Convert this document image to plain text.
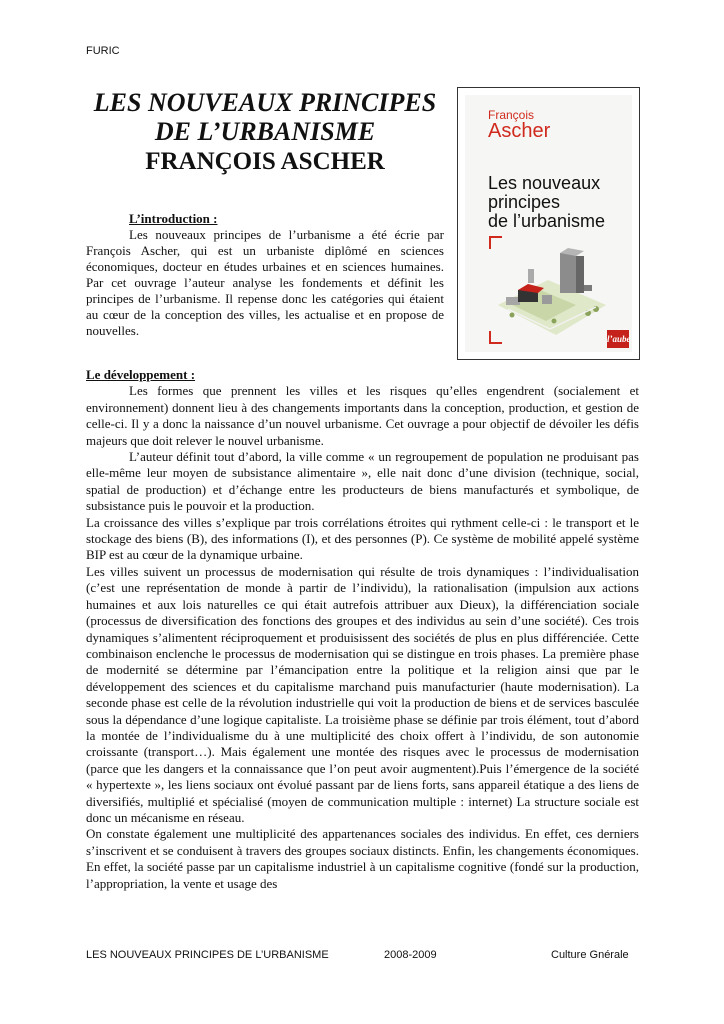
FURIC
LES NOUVEAUX PRINCIPES
DE L’URBANISME
FRANÇOIS ASCHER
L’introduction :

Les nouveaux principes de l’urbanisme a été écrie par François Ascher, qui est un urbaniste diplômé en sciences économiques, docteur en études urbaines et en sciences humaines. Par cet ouvrage l’auteur analyse les fondements et définit les principes de l’urbanisme. Il repense donc les catégories qui étaient au cœur de la conception des villes, les actualise et en propose de nouvelles.

François
Ascher
Les nouveaux
principes
de l’urbanisme
l’aube
Le développement :

Les formes que prennent les villes et les risques qu’elles engendrent (socialement et environnement) donnent lieu à des changements importants dans la conception, production, et gestion de celle-ci. Il y a donc la naissance d’un nouvel urbanisme. Cet ouvrage a pour objectif de dévoiler les défis majeurs que doit relever le nouvel urbanisme.

L’auteur définit tout d’abord, la ville comme « un regroupement de population ne produisant pas elle-même leur moyen de subsistance alimentaire », elle nait donc d’une division (technique, social, spatial de production) et d’échange entre les producteurs de biens manufacturés et symbolique, de subsistance puis le pouvoir et la production.

La croissance des villes s’explique par trois corrélations étroites qui rythment celle-ci : le transport et le stockage des biens (B), des informations (I), et des personnes (P). Ce système de mobilité appelé système BIP est au cœur de la dynamique urbaine.

Les villes suivent un processus de modernisation qui résulte de trois dynamiques : l’individualisation (c’est une représentation de monde à partir de l’individu), la rationalisation (impulsion aux actions humaines et aux lois naturelles ce qui était autrefois attribuer aux Dieux), la différenciation sociale (processus de diversification des fonctions des groupes et des individus au sein d’une société). Ces trois dynamiques s’alimentent réciproquement et produisissent des sociétés de plus en plus différenciée. Cette combinaison enclenche le processus de modernisation qui se distingue en trois phases. La première phase de modernité se détermine par l’émancipation entre la politique et la religion ainsi que par le développement des sciences et du capitalisme marchand puis manufacturier (haute modernisation). La seconde phase est celle de la révolution industrielle qui voit la production de biens et de services basculée sous la dépendance d’une logique capitaliste. La troisième phase se définie par trois élément, tout d’abord la montée de l’individualisme du à une multiplicité des choix offert à l’individu, de son autonomie croissante (transport…). Mais également une montée des risques avec le processus de modernisation (parce que les dangers et la connaissance que l’on peut avoir augmentent).Puis l’émergence de la société « hypertexte », les liens sociaux ont évolué passant par de liens forts, sans appareil étatique a des liens de diversifiés, multiplié et spécialisé (moyen de communication multiple : internet) La structure sociale est donc un mécanisme en réseau.

On constate également une multiplicité des appartenances sociales des individus. En effet, ces derniers s’inscrivent et se conduisent à travers des groupes sociaux distincts. Enfin, les changements économiques. En effet, la société passe par un capitalisme industriel à un capitalisme cognitive (fondé sur la production, l’appropriation, la vente et usage des

LES NOUVEAUX PRINCIPES DE L’URBANISME	2008-2009	Culture Gnérale
